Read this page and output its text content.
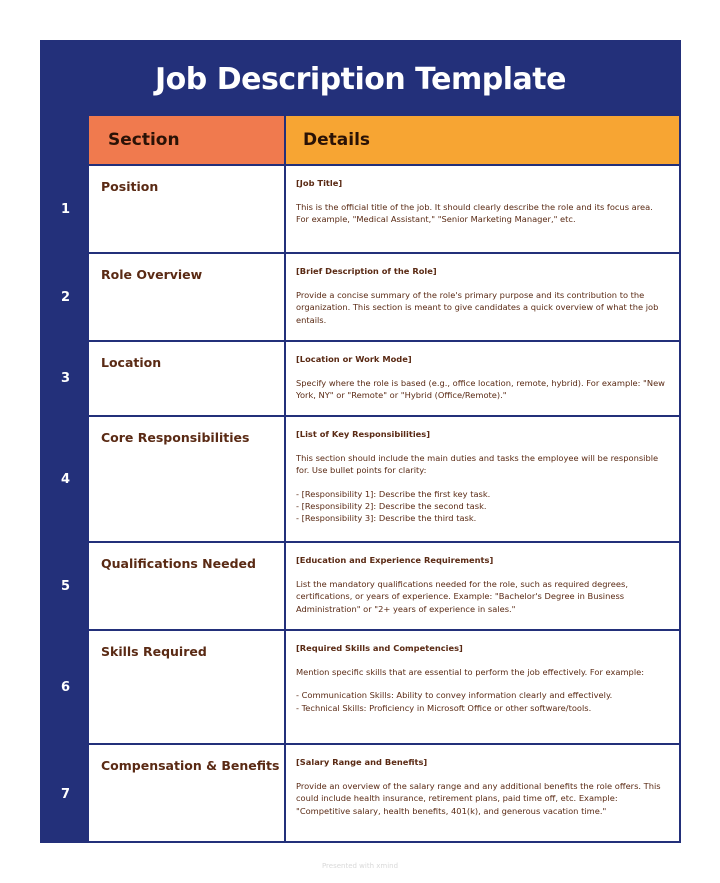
Job Description Template
Section	Details
1
Position	[Job Title]

This is the official title of the job. It should clearly describe the role and its focus area. For example, "Medical Assistant," "Senior Marketing Manager," etc.

2
Role Overview	[Brief Description of the Role]

Provide a concise summary of the role's primary purpose and its contribution to the organization. This section is meant to give candidates a quick overview of what the job entails.

3
Location	[Location or Work Mode]

Specify where the role is based (e.g., office location, remote, hybrid). For example: "New York, NY" or "Remote" or "Hybrid (Office/Remote)."

4
Core Responsibilities	[List of Key Responsibilities]

This section should include the main duties and tasks the employee will be responsible for. Use bullet points for clarity:

- [Responsibility 1]: Describe the first key task.

- [Responsibility 2]: Describe the second task.

- [Responsibility 3]: Describe the third task.

5
Qualifications Needed	[Education and Experience Requirements]

List the mandatory qualifications needed for the role, such as required degrees, certifications, or years of experience. Example: "Bachelor's Degree in Business Administration" or "2+ years of experience in sales."

6
Skills Required	[Required Skills and Competencies]

Mention specific skills that are essential to perform the job effectively. For example:

- Communication Skills: Ability to convey information clearly and effectively.

- Technical Skills: Proficiency in Microsoft Office or other software/tools.

7
Compensation & Benefits	[Salary Range and Benefits]

Provide an overview of the salary range and any additional benefits the role offers. This could include health insurance, retirement plans, paid time off, etc. Example: "Competitive salary, health benefits, 401(k), and generous vacation time."

Presented with xmind
